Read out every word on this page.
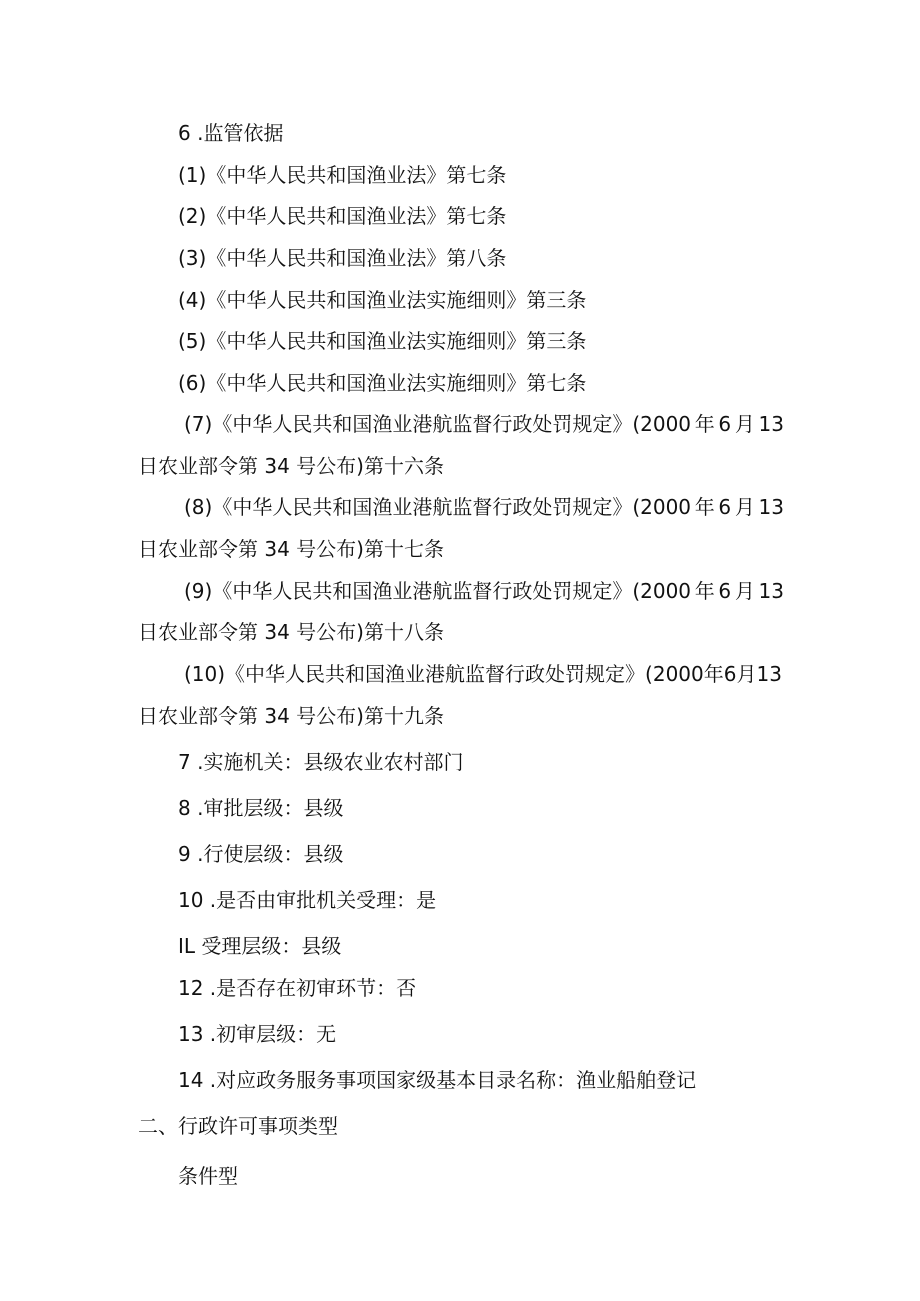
6 .监管依据
(1)《中华人民共和国渔业法》第七条
(2)《中华人民共和国渔业法》第七条
(3)《中华人民共和国渔业法》第八条
(4)《中华人民共和国渔业法实施细则》第三条
(5)《中华人民共和国渔业法实施细则》第三条
(6)《中华人民共和国渔业法实施细则》第七条
(7)《中华人民共和国渔业港航监督行政处罚规定》(2000 年 6 月 13
日农业部令第 34 号公布)第十六条
(8)《中华人民共和国渔业港航监督行政处罚规定》(2000 年 6 月 13
日农业部令第 34 号公布)第十七条
(9)《中华人民共和国渔业港航监督行政处罚规定》(2000 年 6 月 13
日农业部令第 34 号公布)第十八条
(10)《中华人民共和国渔业港航监督行政处罚规定》(2000年6月13
日农业部令第 34 号公布)第十九条
7 .实施机关：县级农业农村部门
8 .审批层级：县级
9 .行使层级：县级
10 .是否由审批机关受理：是
IL 受理层级：县级
12 .是否存在初审环节：否
13 .初审层级：无
14 .对应政务服务事项国家级基本目录名称：渔业船舶登记
二、行政许可事项类型
条件型
